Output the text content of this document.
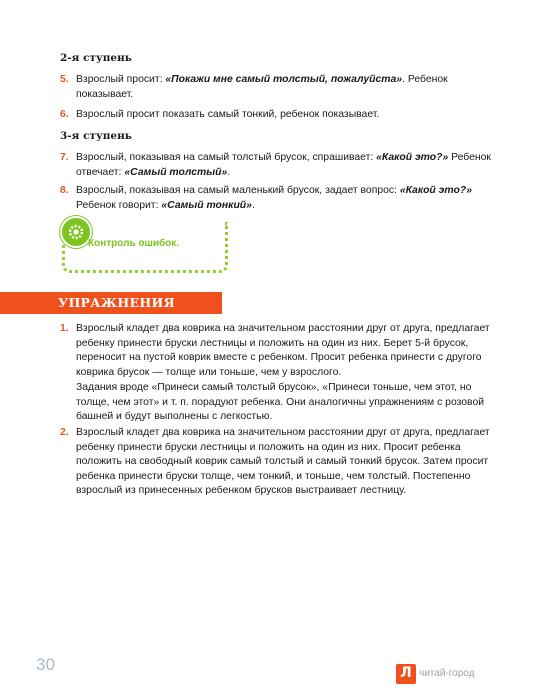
2-я ступень
5. Взрослый просит: «Покажи мне самый толстый, пожалуйста». Ребенок показывает.
6. Взрослый просит показать самый тонкий, ребенок показывает.
3-я ступень
7. Взрослый, показывая на самый толстый брусок, спрашивает: «Какой это?» Ребенок отвечает: «Самый толстый».
8. Взрослый, показывая на самый маленький брусок, задает вопрос: «Какой это?» Ребенок говорит: «Самый тонкий».
Контроль ошибок.
УПРАЖНЕНИЯ
1. Взрослый кладет два коврика на значительном расстоянии друг от друга, предлагает ребенку принести бруски лестницы и положить на один из них. Берет 5-й брусок, переносит на пустой коврик вместе с ребенком. Просит ребенка принести с другого коврика брусок — толще или тоньше, чем у взрослого.
Задания вроде «Принеси самый толстый брусок», «Принеси тоньше, чем этот, но толще, чем этот» и т. п. порадуют ребенка. Они аналогичны упражнениям с розовой башней и будут выполнены с легкостью.
2. Взрослый кладет два коврика на значительном расстоянии друг от друга, предлагает ребенку принести бруски лестницы и положить на один из них. Просит ребенка положить на свободный коврик самый толстый и самый тонкий брусок. Затем просит ребенка принести бруски толще, чем тонкий, и тоньше, чем толстый. Постепенно взрослый из принесенных ребенком брусков выстраивает лестницу.
30	Л читай-город
